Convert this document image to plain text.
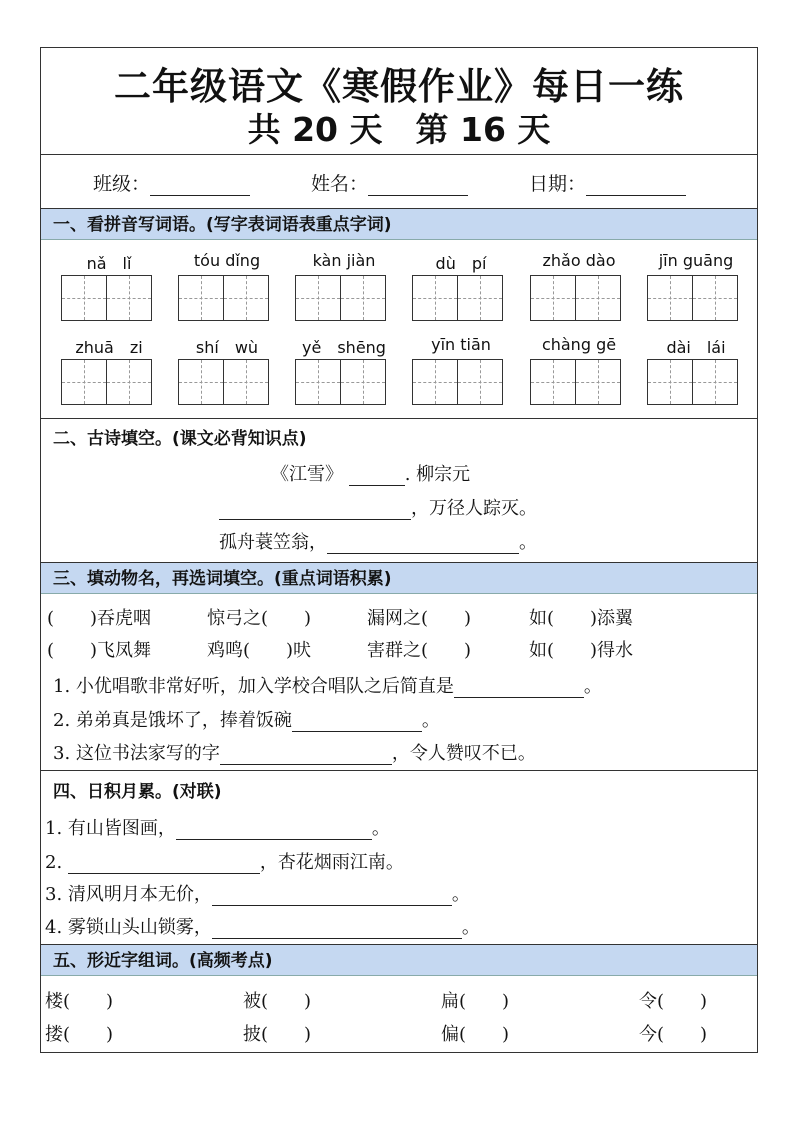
二年级语文《寒假作业》每日一练
共 20 天　第 16 天
班级：	姓名：	日期：
一、看拼音写词语。(写字表词语表重点字词)
nǎ　lǐ	tóu dǐng	kàn jiàn	dù　pí	zhǎo dào	jīn guāng
zhuā　zi	shí　wù	yě　shēng	yīn tiān	chàng gē	dài　lái
二、古诗填空。(课文必背知识点)
《江雪》	. 柳宗元
，万径人踪灭。
孤舟蓑笠翁，	。
三、填动物名，再选词填空。(重点词语积累)
(　　)吞虎咽	惊弓之(　　)	漏网之(　　)	如(　　)添翼
(　　)飞凤舞	鸡鸣(　　)吠	害群之(　　)	如(　　)得水
1. 小优唱歌非常好听，加入学校合唱队之后简直是	。
2. 弟弟真是饿坏了，捧着饭碗	。
3. 这位书法家写的字	，令人赞叹不已。
四、日积月累。(对联)
1. 有山皆图画，	。
2.	，杏花烟雨江南。
3. 清风明月本无价，	。
4. 雾锁山头山锁雾，	。
五、形近字组词。(高频考点)
楼(　　)	被(　　)	扁(　　)	令(　　)
搂(　　)	披(　　)	偏(　　)	今(　　)
